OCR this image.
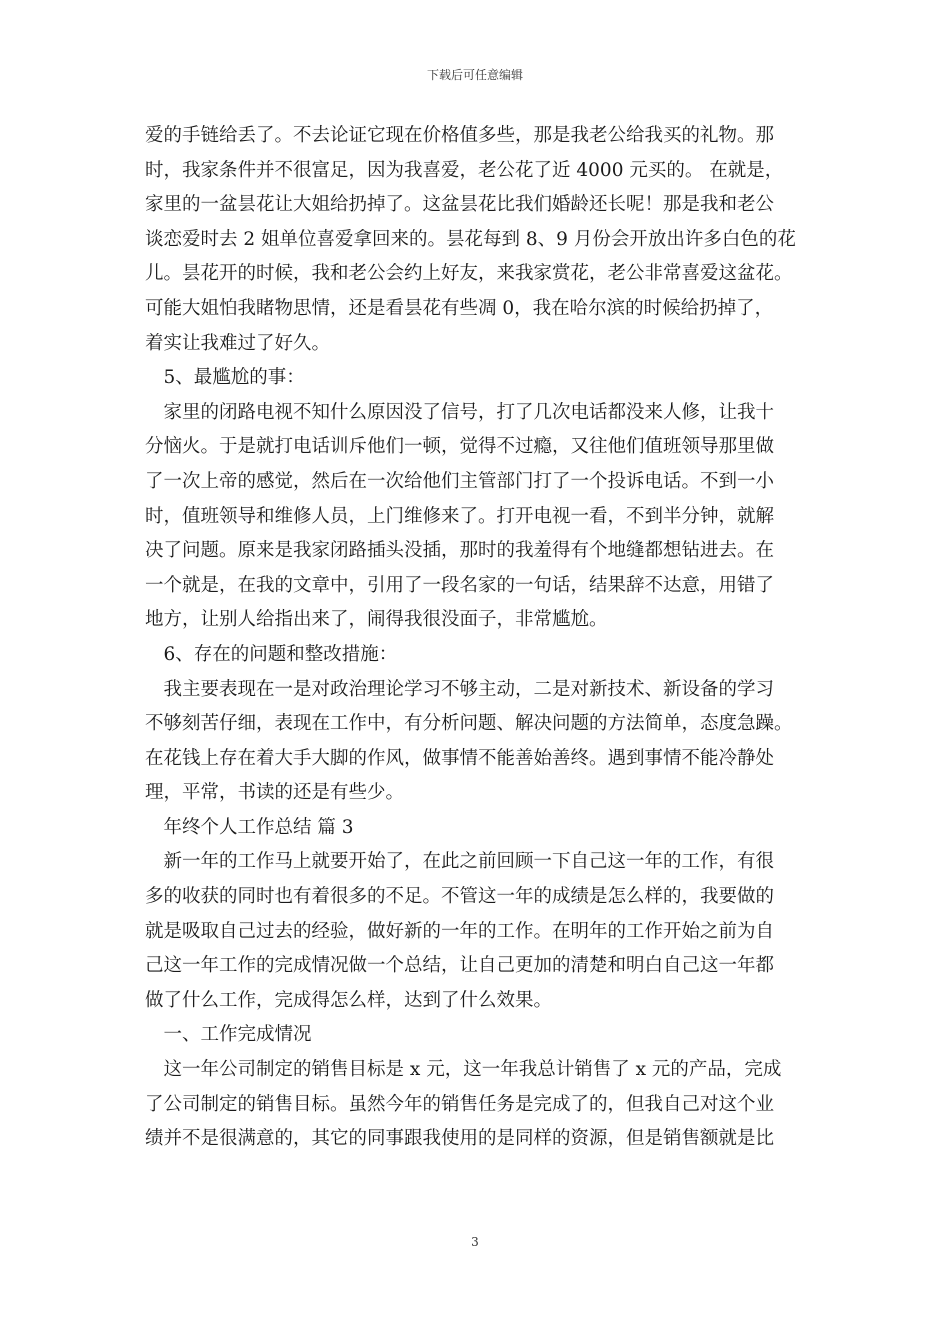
下载后可任意编辑
爱的手链给丢了。不去论证它现在价格值多些，那是我老公给我买的礼物。那
时，我家条件并不很富足，因为我喜爱，老公花了近 4000 元买的。 在就是，
家里的一盆昙花让大姐给扔掉了。这盆昙花比我们婚龄还长呢！那是我和老公
谈恋爱时去 2 姐单位喜爱拿回来的。昙花每到 8、9 月份会开放出许多白色的花
儿。昙花开的时候，我和老公会约上好友，来我家赏花，老公非常喜爱这盆花。
可能大姐怕我睹物思情，还是看昙花有些凋 0，我在哈尔滨的时候给扔掉了，
着实让我难过了好久。
　5、最尴尬的事：
　家里的闭路电视不知什么原因没了信号，打了几次电话都没来人修，让我十
分恼火。于是就打电话训斥他们一顿，觉得不过瘾，又往他们值班领导那里做
了一次上帝的感觉，然后在一次给他们主管部门打了一个投诉电话。不到一小
时，值班领导和维修人员，上门维修来了。打开电视一看，不到半分钟，就解
决了问题。原来是我家闭路插头没插，那时的我羞得有个地缝都想钻进去。在
一个就是，在我的文章中，引用了一段名家的一句话，结果辞不达意，用错了
地方，让别人给指出来了，闹得我很没面子，非常尴尬。
　6、存在的问题和整改措施：
　我主要表现在一是对政治理论学习不够主动，二是对新技术、新设备的学习
不够刻苦仔细，表现在工作中，有分析问题、解决问题的方法简单，态度急躁。
在花钱上存在着大手大脚的作风，做事情不能善始善终。遇到事情不能冷静处
理，平常，书读的还是有些少。
　年终个人工作总结 篇 3
　新一年的工作马上就要开始了，在此之前回顾一下自己这一年的工作，有很
多的收获的同时也有着很多的不足。不管这一年的成绩是怎么样的，我要做的
就是吸取自己过去的经验，做好新的一年的工作。在明年的工作开始之前为自
己这一年工作的完成情况做一个总结，让自己更加的清楚和明白自己这一年都
做了什么工作，完成得怎么样，达到了什么效果。
　一、工作完成情况
　这一年公司制定的销售目标是 x 元，这一年我总计销售了 x 元的产品，完成
了公司制定的销售目标。虽然今年的销售任务是完成了的，但我自己对这个业
绩并不是很满意的，其它的同事跟我使用的是同样的资源，但是销售额就是比
3
